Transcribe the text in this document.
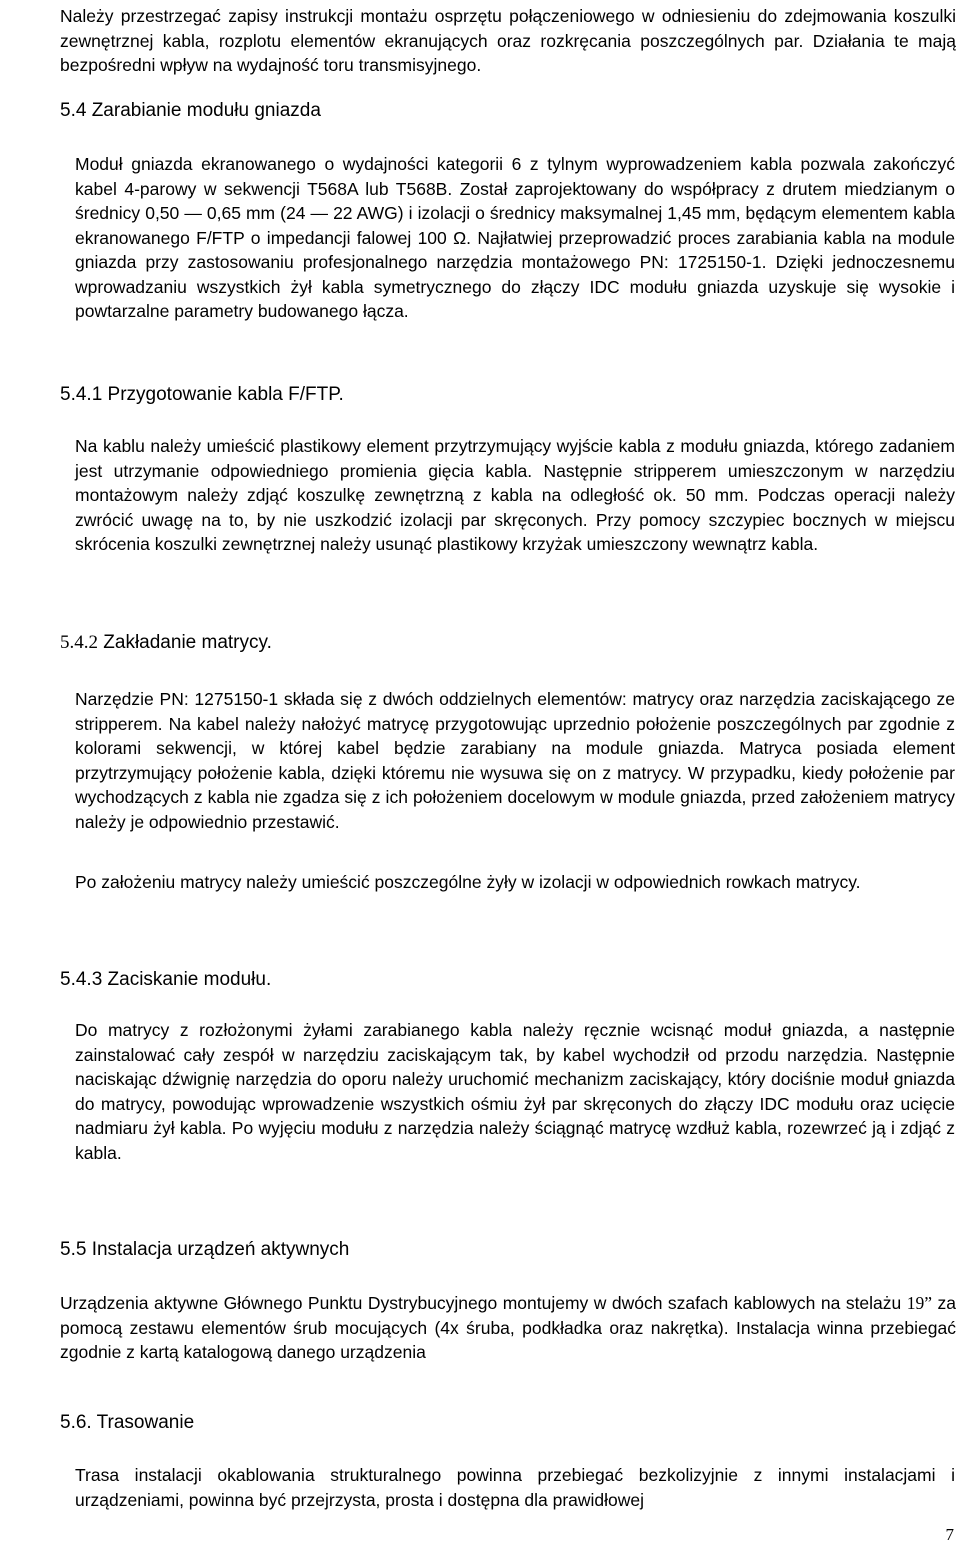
Należy przestrzegać zapisy instrukcji montażu osprzętu połączeniowego w odniesieniu do zdejmowania koszulki zewnętrznej kabla, rozplotu elementów ekranujących oraz rozkręcania poszczególnych par. Działania te mają bezpośredni wpływ na wydajność toru transmisyjnego.

5.4 Zarabianie modułu gniazda

Moduł gniazda ekranowanego o wydajności kategorii 6 z tylnym wyprowadzeniem kabla pozwala zakończyć kabel 4-parowy w sekwencji T568A lub T568B. Został zaprojektowany do współpracy z drutem miedzianym o średnicy 0,50 — 0,65 mm (24 — 22 AWG) i izolacji o średnicy maksymalnej 1,45 mm, będącym elementem kabla ekranowanego F/FTP o impedancji falowej 100 Ω. Najłatwiej przeprowadzić proces zarabiania kabla na module gniazda przy zastosowaniu profesjonalnego narzędzia montażowego PN: 1725150-1. Dzięki jednoczesnemu wprowadzaniu wszystkich żył kabla symetrycznego do złączy IDC modułu gniazda uzyskuje się wysokie i powtarzalne parametry budowanego łącza.

5.4.1 Przygotowanie kabla F/FTP.

Na kablu należy umieścić plastikowy element przytrzymujący wyjście kabla z modułu gniazda, którego zadaniem jest utrzymanie odpowiedniego promienia gięcia kabla. Następnie stripperem umieszczonym w narzędziu montażowym należy zdjąć koszulkę zewnętrzną z kabla na odległość ok. 50 mm. Podczas operacji należy zwrócić uwagę na to, by nie uszkodzić izolacji par skręconych. Przy pomocy szczypiec bocznych w miejscu skrócenia koszulki zewnętrznej należy usunąć plastikowy krzyżak umieszczony wewnątrz kabla.

5.4.2 Zakładanie matrycy.

Narzędzie PN: 1275150-1 składa się z dwóch oddzielnych elementów: matrycy oraz narzędzia zaciskającego ze stripperem. Na kabel należy nałożyć matrycę przygotowując uprzednio położenie poszczególnych par zgodnie z kolorami sekwencji, w której kabel będzie zarabiany na module gniazda. Matryca posiada element przytrzymujący położenie kabla, dzięki któremu nie wysuwa się on z matrycy. W przypadku, kiedy położenie par wychodzących z kabla nie zgadza się z ich położeniem docelowym w module gniazda, przed założeniem matrycy należy je odpowiednio przestawić.

Po założeniu matrycy należy umieścić poszczególne żyły w izolacji w odpowiednich rowkach matrycy.

5.4.3 Zaciskanie modułu.

Do matrycy z rozłożonymi żyłami zarabianego kabla należy ręcznie wcisnąć moduł gniazda, a następnie zainstalować cały zespół w narzędziu zaciskającym tak, by kabel wychodził od przodu narzędzia. Następnie naciskając dźwignię narzędzia do oporu należy uruchomić mechanizm zaciskający, który dociśnie moduł gniazda do matrycy, powodując wprowadzenie wszystkich ośmiu żył par skręconych do złączy IDC modułu oraz ucięcie nadmiaru żył kabla. Po wyjęciu modułu z narzędzia należy ściągnąć matrycę wzdłuż kabla, rozewrzeć ją i zdjąć z kabla.

5.5 Instalacja urządzeń aktywnych

Urządzenia aktywne Głównego Punktu Dystrybucyjnego montujemy w dwóch szafach kablowych na stelażu 19” za pomocą zestawu elementów śrub mocujących (4x śruba, podkładka oraz nakrętka). Instalacja winna przebiegać zgodnie z kartą katalogową danego urządzenia

5.6. Trasowanie

Trasa instalacji okablowania strukturalnego powinna przebiegać bezkolizyjnie z innymi instalacjami i urządzeniami, powinna być przejrzysta, prosta i dostępna dla prawidłowej

7
